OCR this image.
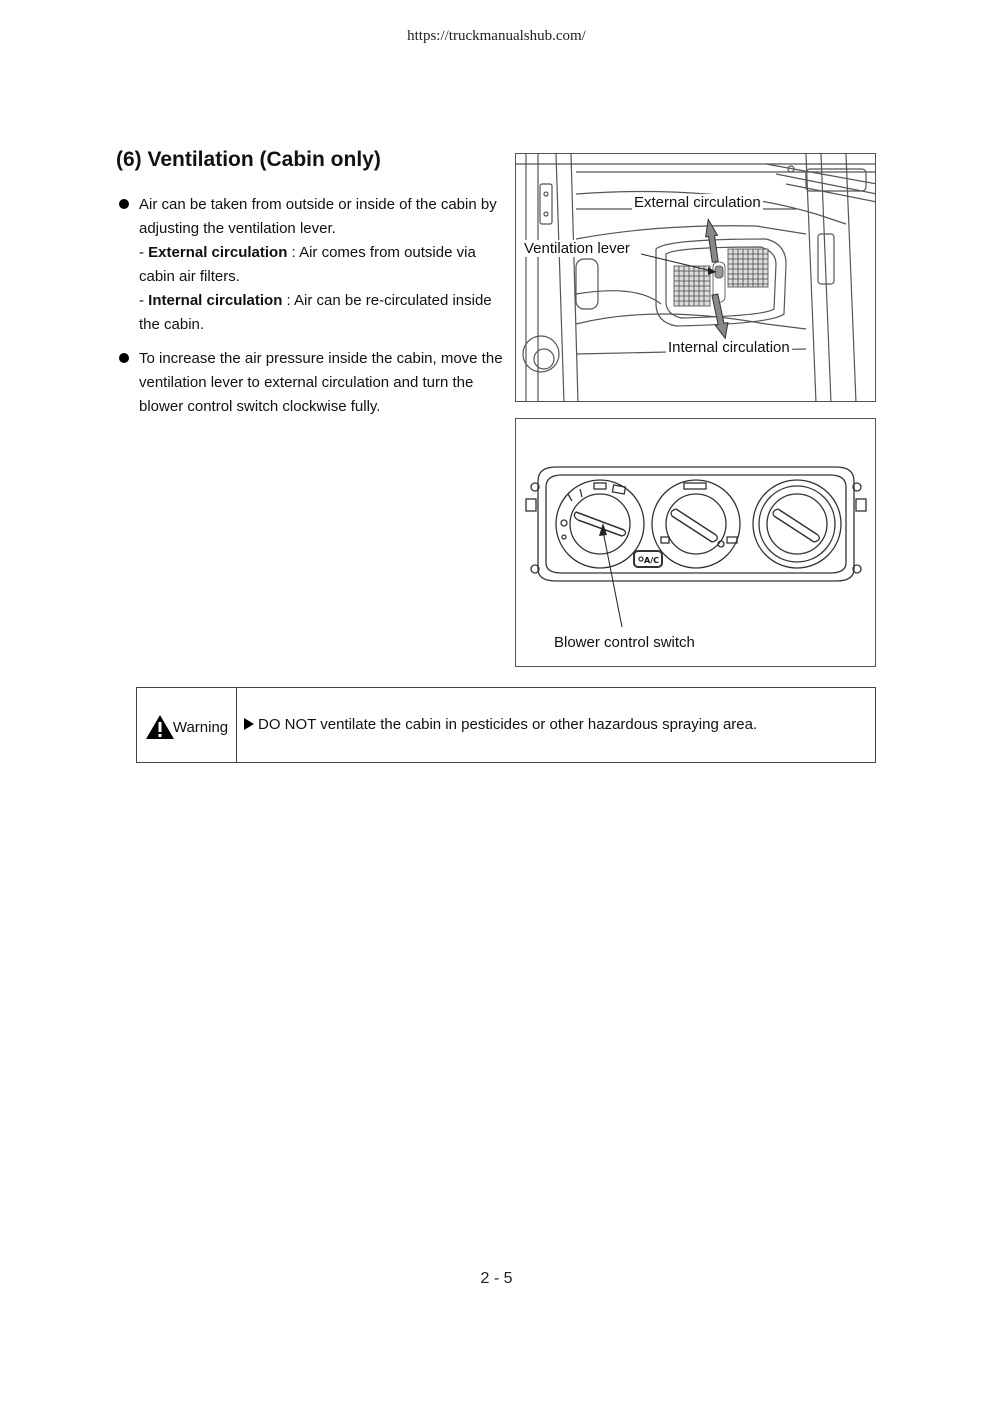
https://truckmanualshub.com/
(6) Ventilation (Cabin only)
Air can be taken from outside or inside of the cabin by adjusting the ventilation lever.
- External circulation : Air comes from outside via cabin air filters.
- Internal circulation : Air can be re-circulated inside the cabin.
To increase the air pressure inside the cabin, move the ventilation lever to external circulation and turn the blower control switch clockwise fully.
External circulation
Ventilation lever
Internal circulation
A/C
Blower control switch
Warning DO NOT ventilate the cabin in pesticides or other hazardous spraying area.
2 - 5
